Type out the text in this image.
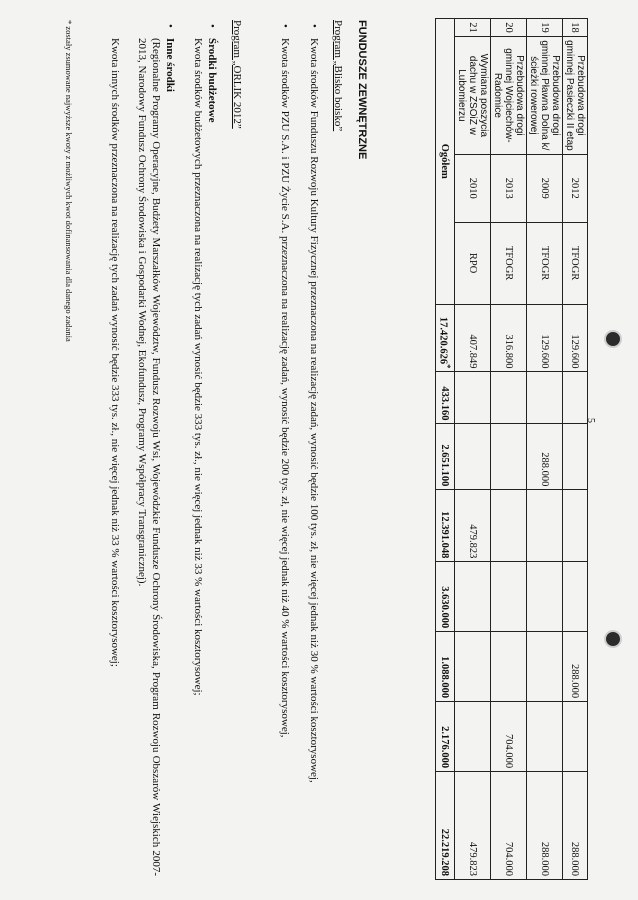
5
18	Przebudowa drogi gminnej Pasieczki II etap	2012	TFOGR	129.600					288.000		288.000
19	Przebudowa drogi gminnej Pławna Dolna k/ ścieżki rowerowej	2009	TFOGR	129.600		288.000					288.000
20	Przebudowa drogi gminnej Wojciechów- Radomice	2013	TFOGR	316.800						704.000	704.000
21	Wymiana poszycia dachu w ZSOiZ w Lubomierzu	2010	RPO	407.849			479.823				479.823
Ogółem				17.420.626*	433.160	2.651.100	12.391.048	3.630.000	1.088.000	2.176.000	22.219.208
FUNDUSZE ZEWNĘTRZNE
Program „Blisko boisko”
•
Kwota środków Funduszu Rozwoju Kultury Fizycznej przeznaczona na realizację zadań, wynosić będzie 100 tys. zł, nie więcej jednak niż 30 % wartości kosztorysowej,
•
Kwota środków PZU S.A. i PZU Życie S.A. przeznaczona na realizację zadań, wynosić będzie 200 tys. zł, nie więcej jednak niż 40 % wartości kosztorysowej,
Program „ORLIK 2012”
•
Środki budżetowe
Kwota środków budżetowych przeznaczona na realizację tych zadań wynosić będzie 333 tys. zł., nie więcej jednak niż 33 % wartości kosztorysowej;
•
Inne środki
(Regionalne Programy Operacyjne, Budżety Marszałków Województw, Fundusz Rozwoju Wsi, Wojewódzkie Fundusze Ochrony Środowiska, Program Rozwoju Obszarów Wiejskich 2007-2013, Narodowy Fundusz Ochrony Środowiska i Gospodarki Wodnej, Ekofundusz, Programy Współpracy Transgranicznej).
Kwota innych środków przeznaczona na realizację tych zadań wynosić będzie 333 tys. zł., nie więcej jednak niż 33 % wartości kosztorysowej;
* zostały zsumowane najwyższe kwoty z możliwych kwot dofinansowania dla danego zadania
